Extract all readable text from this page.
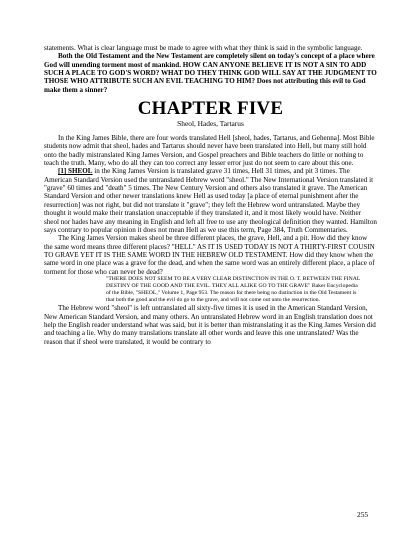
statements. What is clear language must be made to agree with what they think is said in the symbolic language.

Both the Old Testament and the New Testament are completely silent on today's concept of a place where God will unending torment most of mankind. HOW CAN ANYONE BELIEVE IT IS NOT A SIN TO ADD SUCH A PLACE TO GOD'S WORD? WHAT DO THEY THINK GOD WILL SAY AT THE JUDGMENT TO THOSE WHO ATTRIBUTE SUCH AN EVIL TEACHING TO HIM? Does not attributing this evil to God make them a sinner?

CHAPTER FIVE
Sheol, Hades, Tartarus

In the King James Bible, there are four words translated Hell [sheol, hades, Tartarus, and Gehenna]. Most Bible students now admit that sheol, hades and Tartarus should never have been translated into Hell, but many still hold onto the badly mistranslated King James Version, and Gospel preachers and Bible teachers do little or nothing to teach the truth. Many, who do all they can too correct any lesser error just do not seem to care about this one.

[1] SHEOL in the King James Version is translated grave 31 times, Hell 31 times, and pit 3 times. The American Standard Version used the untranslated Hebrew word "sheol." The New International Version translated it "grave" 60 times and "death" 5 times. The New Century Version and others also translated it grave. The American Standard Version and other newer translations knew Hell as used today [a place of eternal punishment after the resurrection] was not right, but did not translate it "grave"; they left the Hebrew word untranslated. Maybe they thought it would make their translation unacceptable if they translated it, and it most likely would have. Neither sheol nor hades have any meaning in English and left all free to use any theological definition they wanted. Hamilton says contrary to popular opinion it does not mean Hell as we use this term, Page 384, Truth Commentaries.

The King James Version makes sheol be three different places, the grave, Hell, and a pit. How did they know the same word means three different places? "HELL" AS IT IS USED TODAY IS NOT A THIRTY-FIRST COUSIN TO GRAVE YET IT IS THE SAME WORD IN THE HEBREW OLD TESTAMENT. How did they know when the same word in one place was a grave for the dead, and when the same word was an entirely different place, a place of torment for those who can never be dead?

"THERE DOES NOT SEEM TO BE A VERY CLEAR DISTINCTION IN THE O. T. BETWEEN THE FINAL DESTINY OF THE GOOD AND THE EVIL. THEY ALL ALIKE GO TO THE GRAVE" Baker Encyclopedia of the Bible, "SHEOL," Volume 1, Page 953. The reason for there being no distinction in the Old Testament is that both the good and the evil do go to the grave, and will not come out unto the resurrection.

The Hebrew word "sheol" is left untranslated all sixty-five times it is used in the American Standard Version, New American Standard Version, and many others. An untranslated Hebrew word in an English translation does not help the English reader understand what was said, but it is better than mistranslating it as the King James Version did and teaching a lie. Why do many translations translate all other words and leave this one untranslated? Was the reason that if sheol were translated, it would be contrary to

255
